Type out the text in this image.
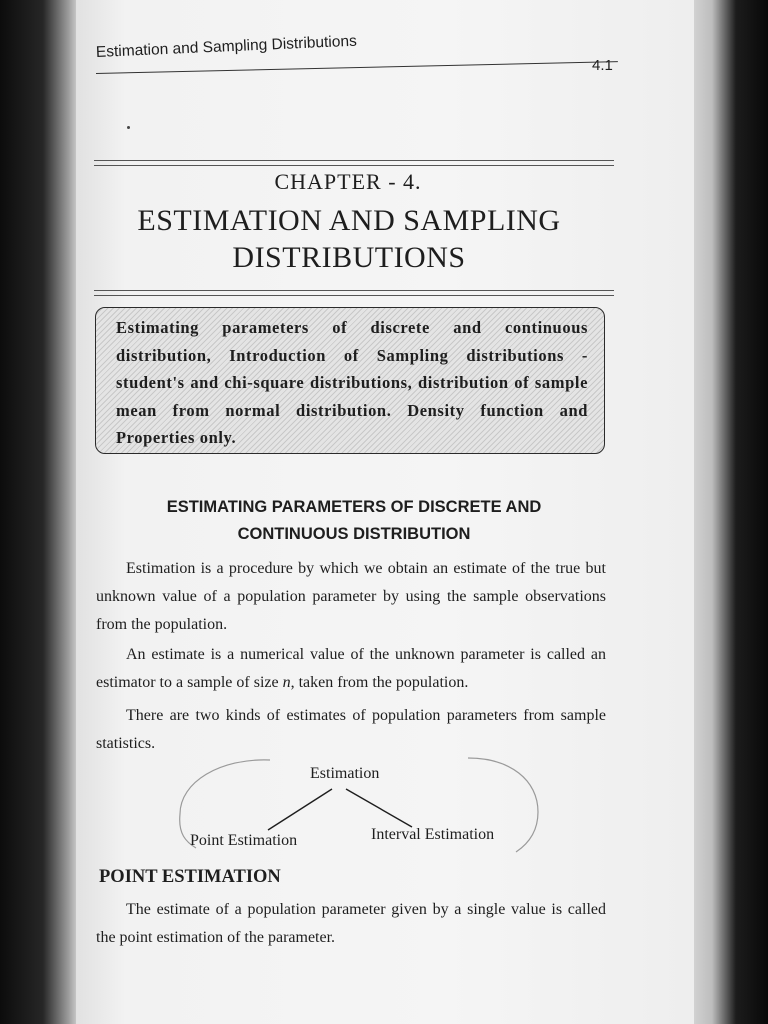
Estimation and Sampling Distributions
4.1
CHAPTER - 4.
ESTIMATION AND SAMPLING
DISTRIBUTIONS
Estimating parameters of discrete and continuous distribution, Introduction of Sampling distributions - student's and chi-square distributions, distribution of sample mean from normal distribution. Density function and Properties only.
ESTIMATING PARAMETERS OF DISCRETE AND
CONTINUOUS DISTRIBUTION

Estimation is a procedure by which we obtain an estimate of the true but unknown value of a population parameter by using the sample observations from the population.

An estimate is a numerical value of the unknown parameter is called an estimator to a sample of size n, taken from the population.

There are two kinds of estimates of population parameters from sample statistics.

Estimation
Point Estimation	Interval Estimation
POINT ESTIMATION

The estimate of a population parameter given by a single value is called the point estimation of the parameter.
